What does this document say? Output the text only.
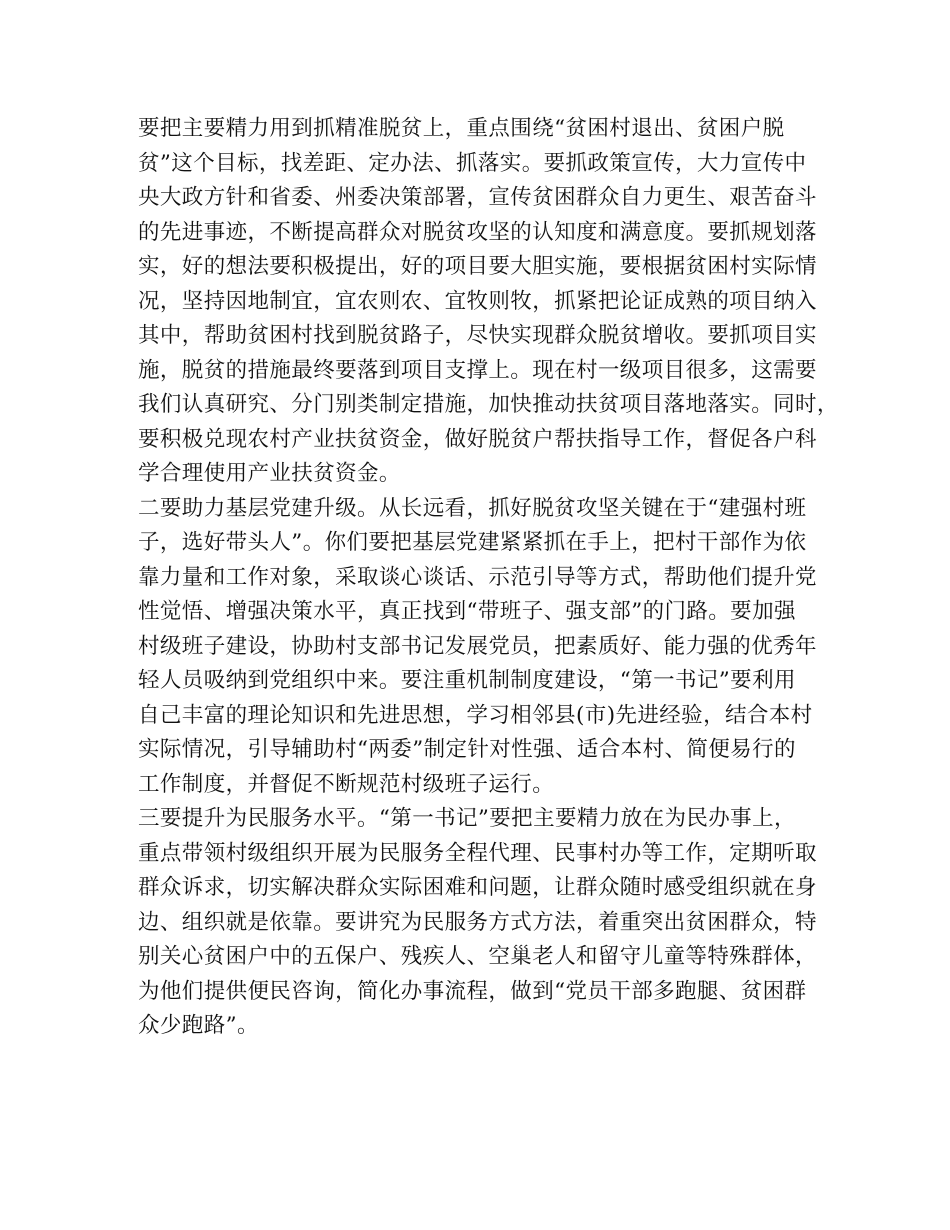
要把主要精力用到抓精准脱贫上，重点围绕“贫困村退出、贫困户脱
贫”这个目标，找差距、定办法、抓落实。要抓政策宣传，大力宣传中
央大政方针和省委、州委决策部署，宣传贫困群众自力更生、艰苦奋斗
的先进事迹，不断提高群众对脱贫攻坚的认知度和满意度。要抓规划落
实，好的想法要积极提出，好的项目要大胆实施，要根据贫困村实际情
况，坚持因地制宜，宜农则农、宜牧则牧，抓紧把论证成熟的项目纳入
其中，帮助贫困村找到脱贫路子，尽快实现群众脱贫增收。要抓项目实
施，脱贫的措施最终要落到项目支撑上。现在村一级项目很多，这需要
我们认真研究、分门别类制定措施，加快推动扶贫项目落地落实。同时，
要积极兑现农村产业扶贫资金，做好脱贫户帮扶指导工作，督促各户科
学合理使用产业扶贫资金。
二要助力基层党建升级。从长远看，抓好脱贫攻坚关键在于“建强村班
子，选好带头人”。你们要把基层党建紧紧抓在手上，把村干部作为依
靠力量和工作对象，采取谈心谈话、示范引导等方式，帮助他们提升党
性觉悟、增强决策水平，真正找到“带班子、强支部”的门路。要加强
村级班子建设，协助村支部书记发展党员，把素质好、能力强的优秀年
轻人员吸纳到党组织中来。要注重机制制度建设，“第一书记”要利用
自己丰富的理论知识和先进思想，学习相邻县(市)先进经验，结合本村
实际情况，引导辅助村“两委”制定针对性强、适合本村、简便易行的
工作制度，并督促不断规范村级班子运行。
三要提升为民服务水平。“第一书记”要把主要精力放在为民办事上，
重点带领村级组织开展为民服务全程代理、民事村办等工作，定期听取
群众诉求，切实解决群众实际困难和问题，让群众随时感受组织就在身
边、组织就是依靠。要讲究为民服务方式方法，着重突出贫困群众，特
别关心贫困户中的五保户、残疾人、空巢老人和留守儿童等特殊群体，
为他们提供便民咨询，简化办事流程，做到“党员干部多跑腿、贫困群
众少跑路”。
